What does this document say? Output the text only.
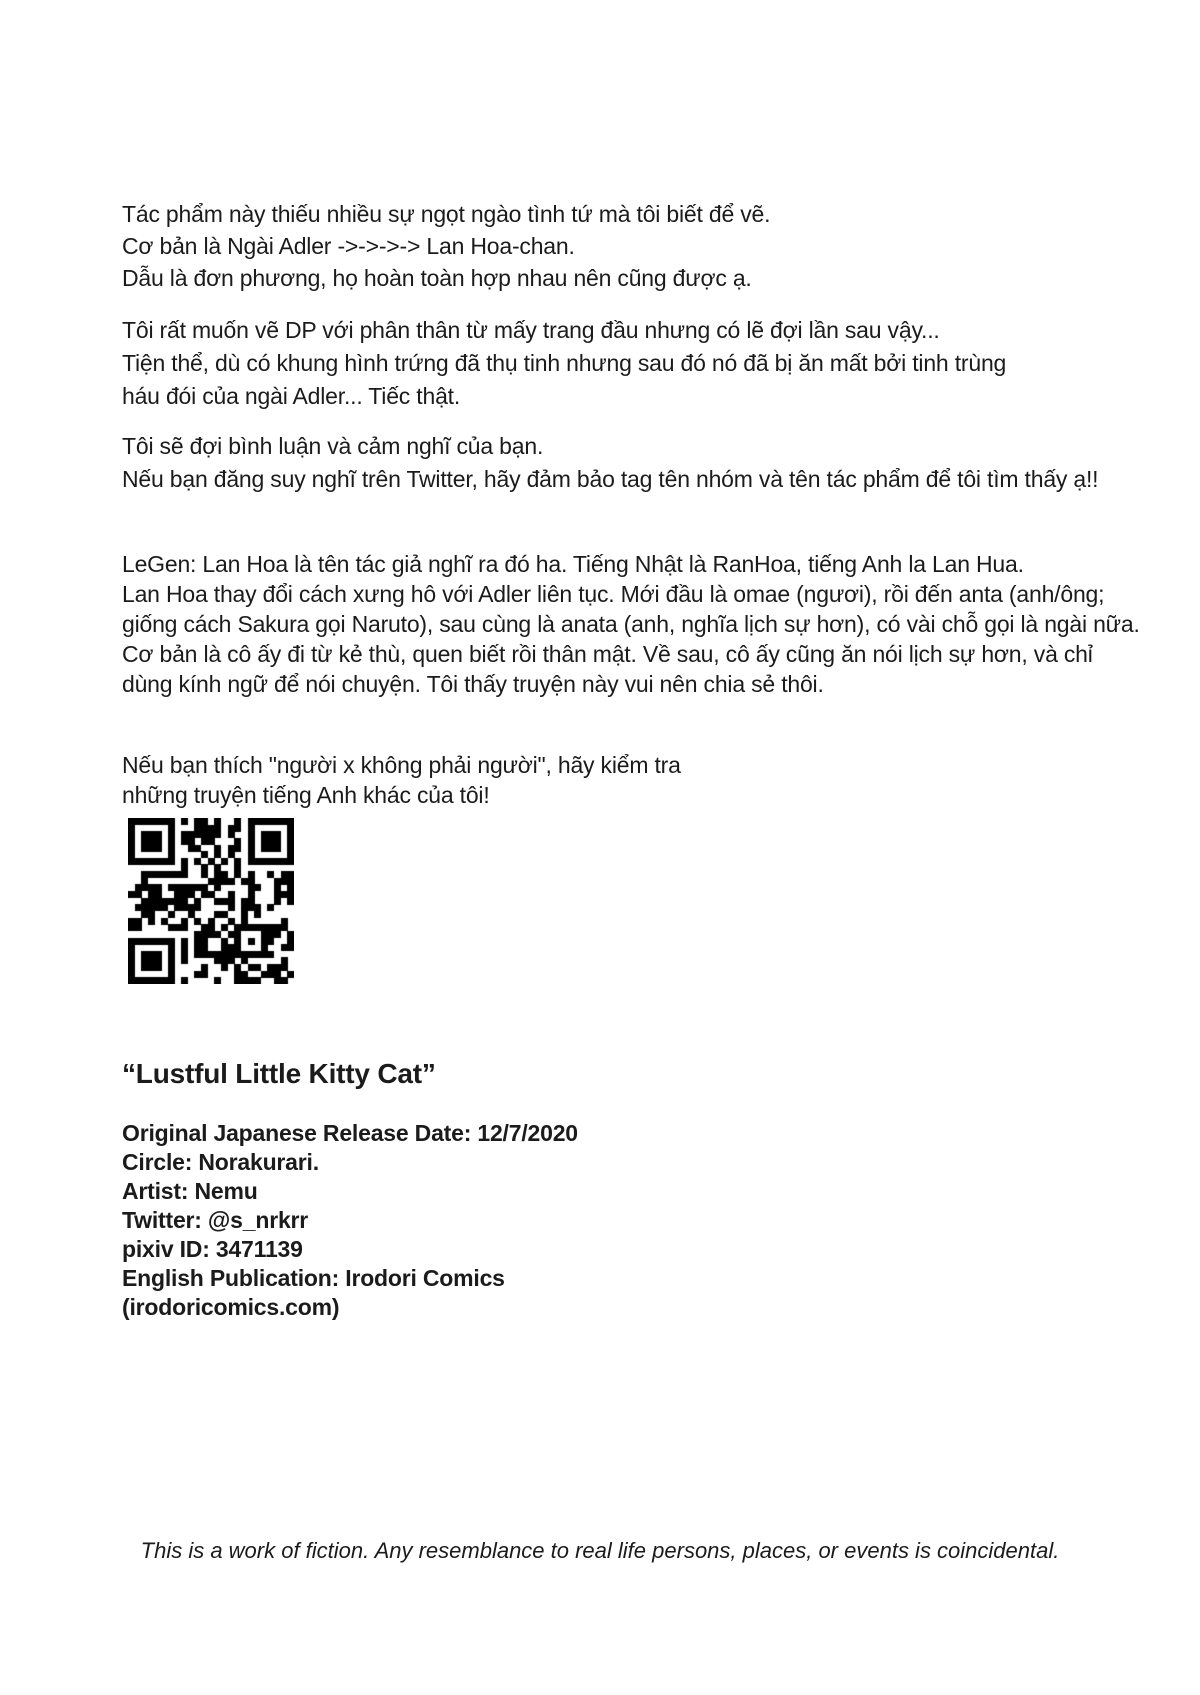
Tác phẩm này thiếu nhiều sự ngọt ngào tình tứ mà tôi biết để vẽ.
Cơ bản là Ngài Adler ->->->-> Lan Hoa-chan.
Dẫu là đơn phương, họ hoàn toàn hợp nhau nên cũng được ạ.
Tôi rất muốn vẽ DP với phân thân từ mấy trang đầu nhưng có lẽ đợi lần sau vậy...
Tiện thể, dù có khung hình trứng đã thụ tinh nhưng sau đó nó đã bị ăn mất bởi tinh trùng
háu đói của ngài Adler... Tiếc thật.
Tôi sẽ đợi bình luận và cảm nghĩ của bạn.
Nếu bạn đăng suy nghĩ trên Twitter, hãy đảm bảo tag tên nhóm và tên tác phẩm để tôi tìm thấy ạ!!
LeGen: Lan Hoa là tên tác giả nghĩ ra đó ha. Tiếng Nhật là RanHoa, tiếng Anh la Lan Hua.
Lan Hoa thay đổi cách xưng hô với Adler liên tục. Mới đầu là omae (ngươi), rồi đến anta (anh/ông;
giống cách Sakura gọi Naruto), sau cùng là anata (anh, nghĩa lịch sự hơn), có vài chỗ gọi là ngài nữa.
Cơ bản là cô ấy đi từ kẻ thù, quen biết rồi thân mật. Về sau, cô ấy cũng ăn nói lịch sự hơn, và chỉ
dùng kính ngữ để nói chuyện. Tôi thấy truyện này vui nên chia sẻ thôi.
Nếu bạn thích "người x không phải người", hãy kiểm tra
những truyện tiếng Anh khác của tôi!
“Lustful Little Kitty Cat”
Original Japanese Release Date: 12/7/2020
Circle: Norakurari.
Artist: Nemu
Twitter: @s_nrkrr
pixiv ID: 3471139
English Publication: Irodori Comics
(irodoricomics.com)
This is a work of fiction. Any resemblance to real life persons, places, or events is coincidental.
